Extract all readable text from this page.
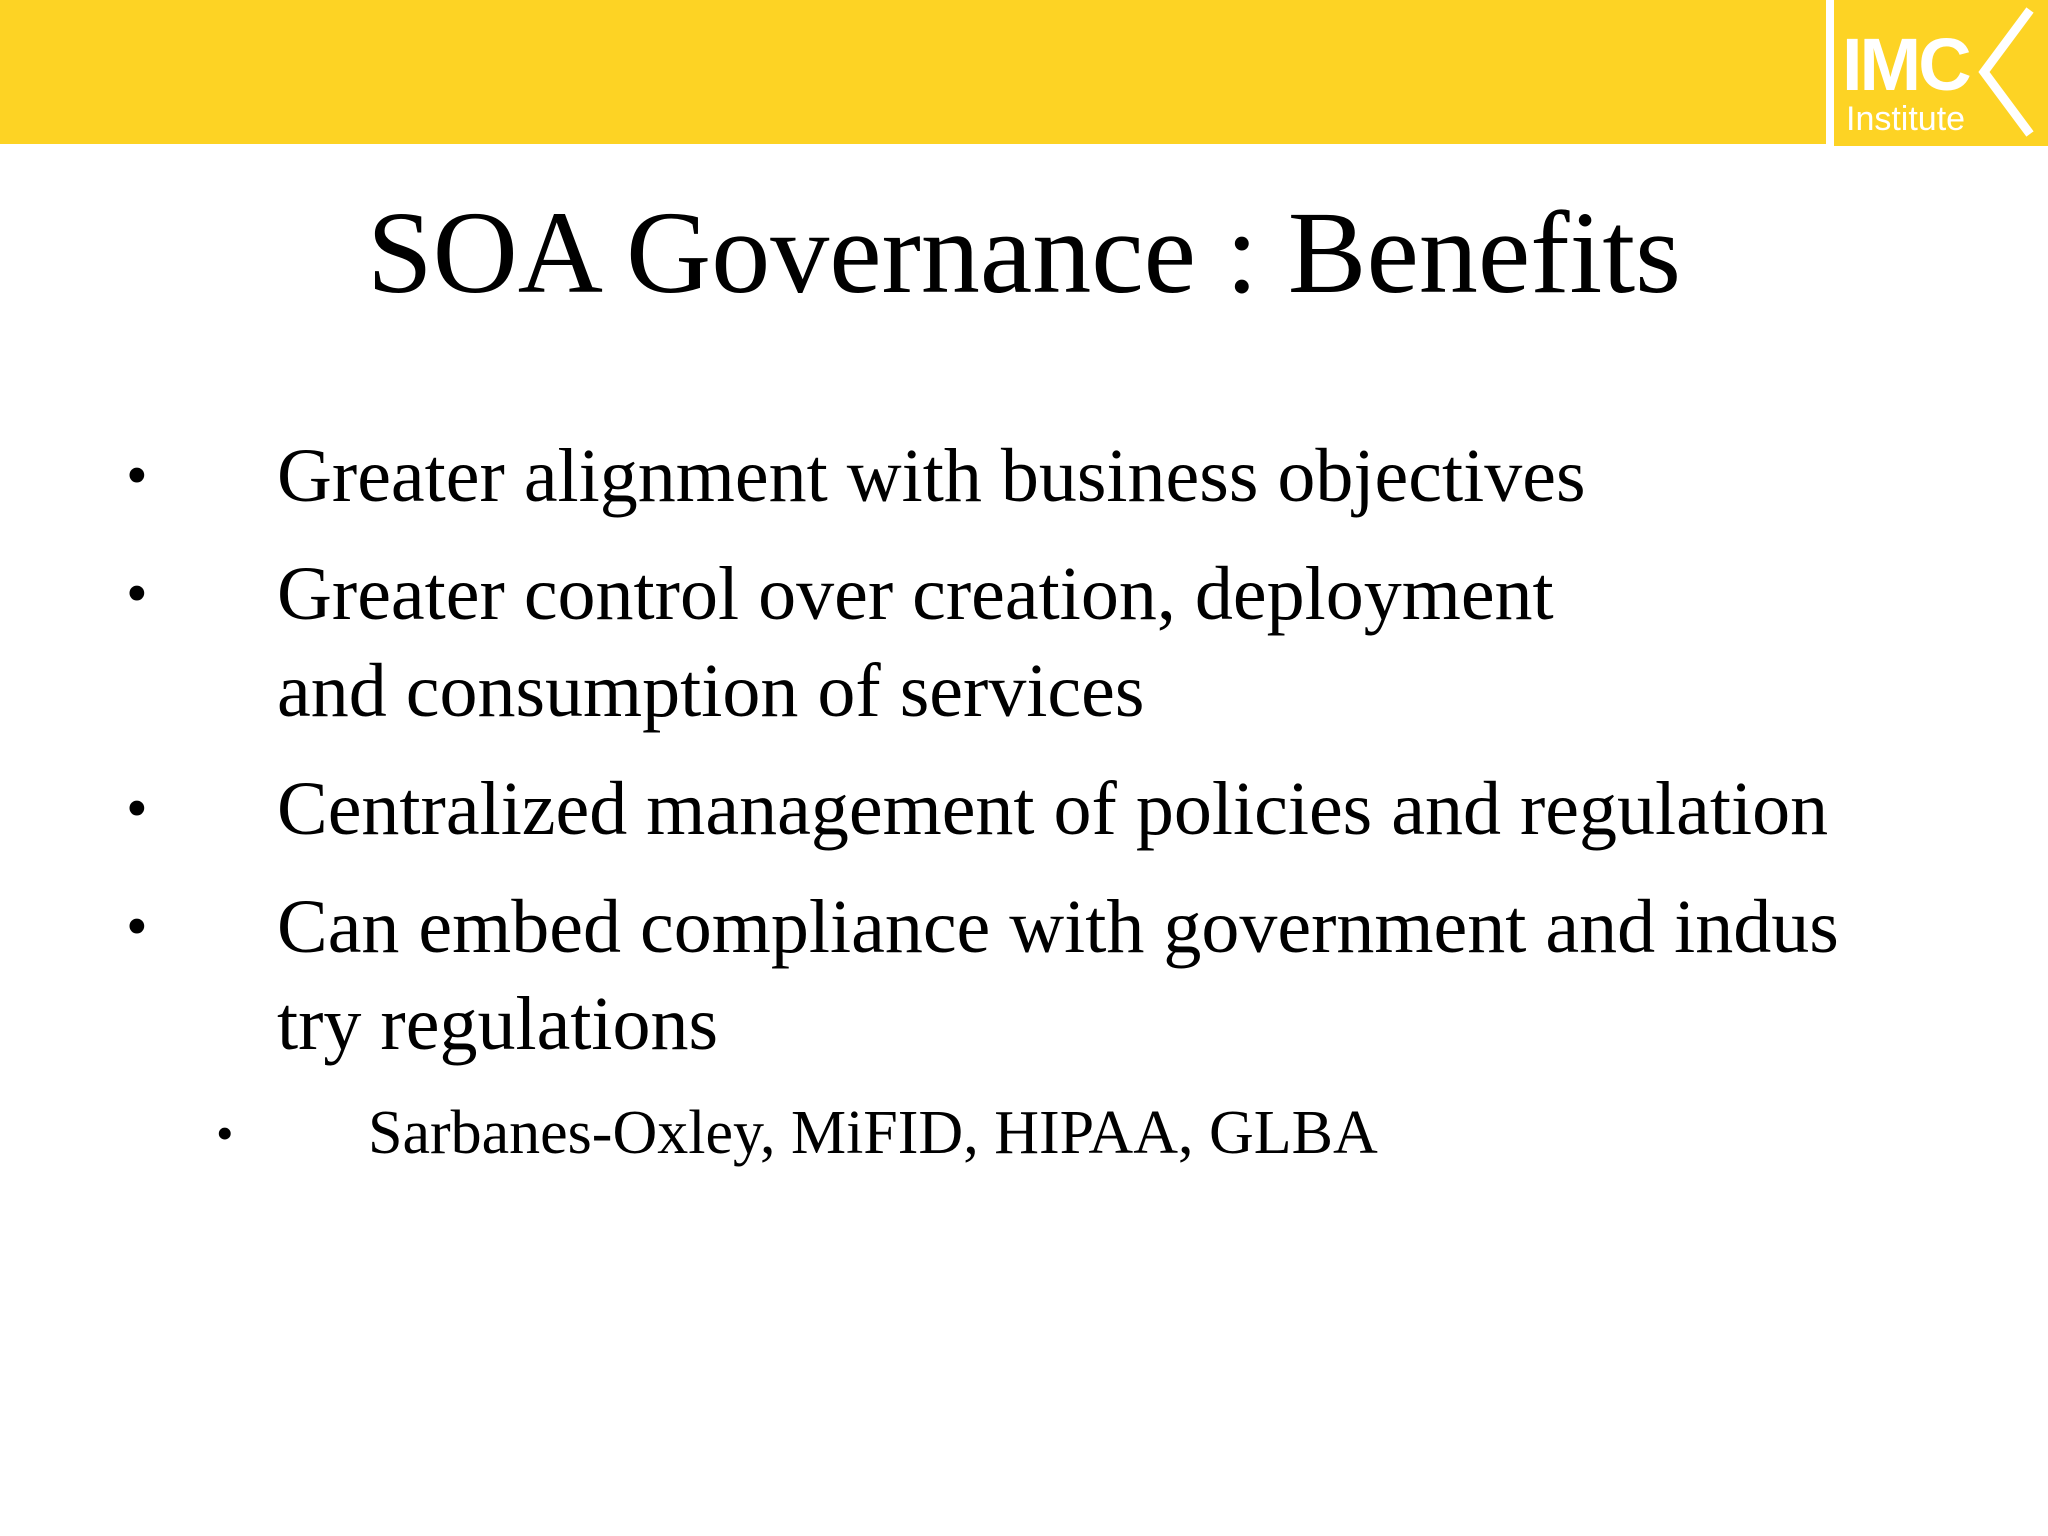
IMC
Institute
SOA Governance : Benefits
• Greater alignment with business objectives
• Greater control over creation, deployment
and consumption of services
• Centralized management of policies and regulation
• Can embed compliance with government and indus
try regulations
• Sarbanes-Oxley, MiFID, HIPAA, GLBA
